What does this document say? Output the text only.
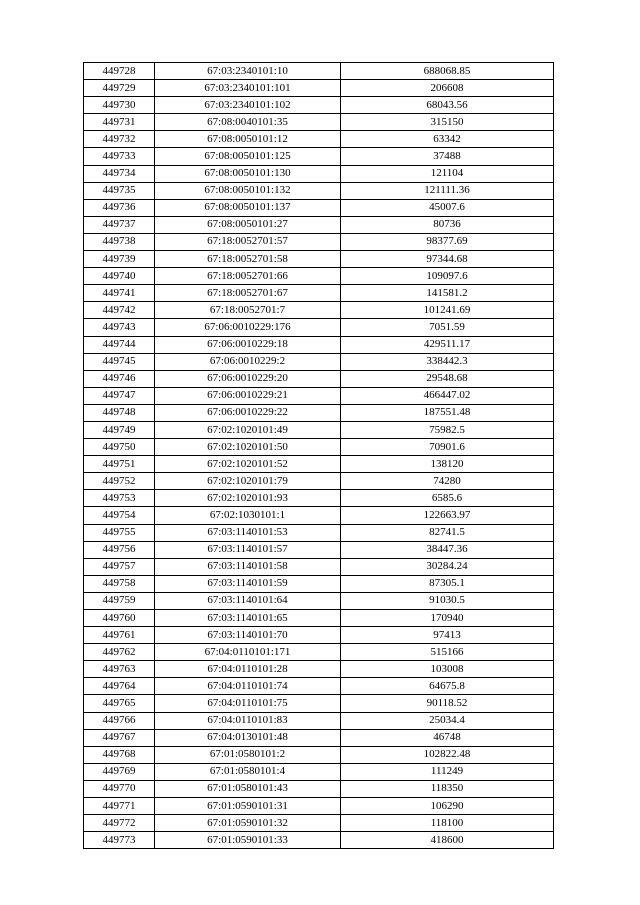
449728	67:03:2340101:10	688068.85
449729	67:03:2340101:101	206608
449730	67:03:2340101:102	68043.56
449731	67:08:0040101:35	315150
449732	67:08:0050101:12	63342
449733	67:08:0050101:125	37488
449734	67:08:0050101:130	121104
449735	67:08:0050101:132	121111.36
449736	67:08:0050101:137	45007.6
449737	67:08:0050101:27	80736
449738	67:18:0052701:57	98377.69
449739	67:18:0052701:58	97344.68
449740	67:18:0052701:66	109097.6
449741	67:18:0052701:67	141581.2
449742	67:18:0052701:7	101241.69
449743	67:06:0010229:176	7051.59
449744	67:06:0010229:18	429511.17
449745	67:06:0010229:2	338442.3
449746	67:06:0010229:20	29548.68
449747	67:06:0010229:21	466447.02
449748	67:06:0010229:22	187551.48
449749	67:02:1020101:49	75982.5
449750	67:02:1020101:50	70901.6
449751	67:02:1020101:52	138120
449752	67:02:1020101:79	74280
449753	67:02:1020101:93	6585.6
449754	67:02:1030101:1	122663.97
449755	67:03:1140101:53	82741.5
449756	67:03:1140101:57	38447.36
449757	67:03:1140101:58	30284.24
449758	67:03:1140101:59	87305.1
449759	67:03:1140101:64	91030.5
449760	67:03:1140101:65	170940
449761	67:03:1140101:70	97413
449762	67:04:0110101:171	515166
449763	67:04:0110101:28	103008
449764	67:04:0110101:74	64675.8
449765	67:04:0110101:75	90118.52
449766	67:04:0110101:83	25034.4
449767	67:04:0130101:48	46748
449768	67:01:0580101:2	102822.48
449769	67:01:0580101:4	111249
449770	67:01:0580101:43	118350
449771	67:01:0590101:31	106290
449772	67:01:0590101:32	118100
449773	67:01:0590101:33	418600
